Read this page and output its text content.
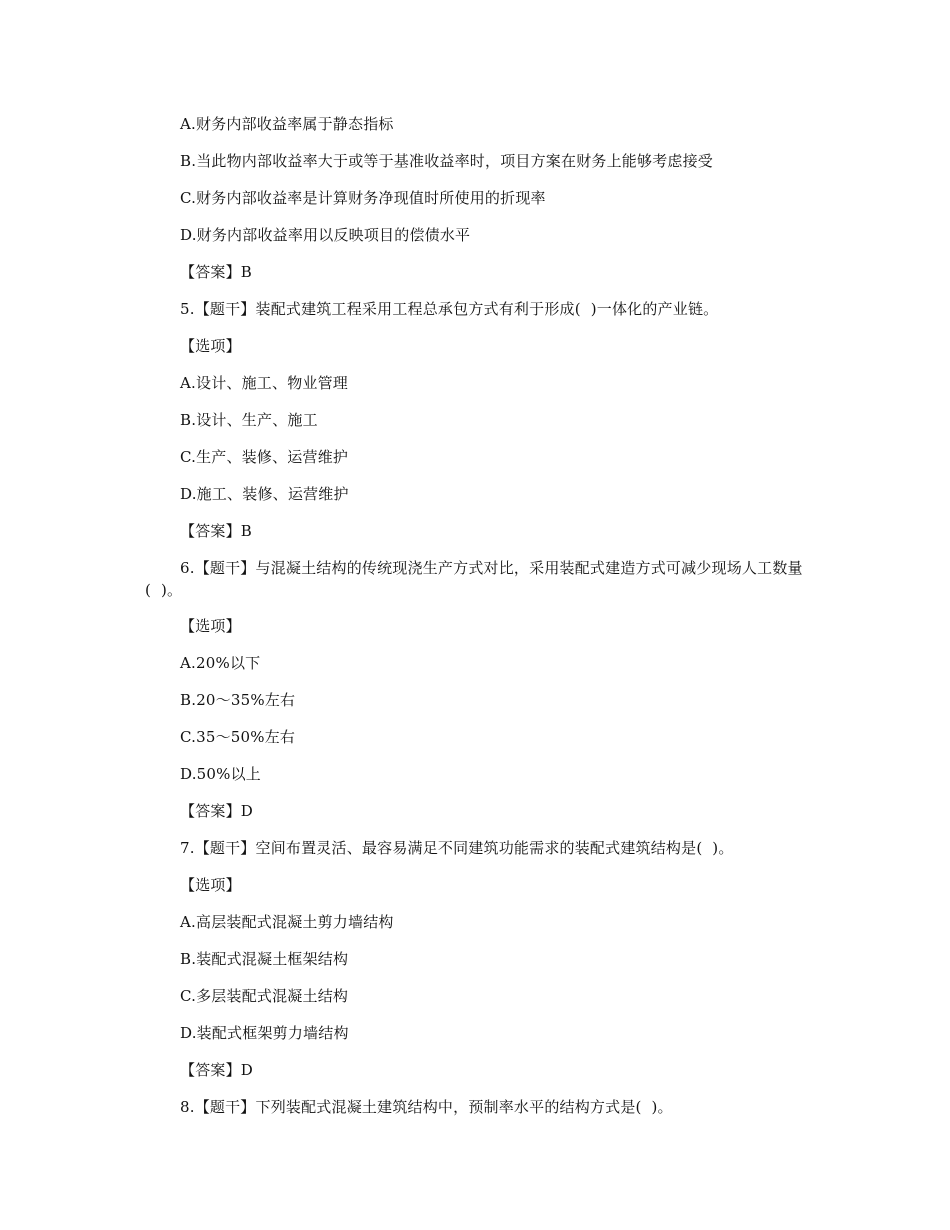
A.财务内部收益率属于静态指标
B.当此物内部收益率大于或等于基准收益率时，项目方案在财务上能够考虑接受
C.财务内部收益率是计算财务净现值时所使用的折现率
D.财务内部收益率用以反映项目的偿债水平
【答案】B
5.【题干】装配式建筑工程采用工程总承包方式有利于形成(  )一体化的产业链。
【选项】
A.设计、施工、物业管理
B.设计、生产、施工
C.生产、装修、运营维护
D.施工、装修、运营维护
【答案】B
6.【题干】与混凝土结构的传统现浇生产方式对比，采用装配式建造方式可减少现场人工数量(  )。
【选项】
A.20%以下
B.20～35%左右
C.35～50%左右
D.50%以上
【答案】D
7.【题干】空间布置灵活、最容易满足不同建筑功能需求的装配式建筑结构是(  )。
【选项】
A.高层装配式混凝土剪力墙结构
B.装配式混凝土框架结构
C.多层装配式混凝土结构
D.装配式框架剪力墙结构
【答案】D
8.【题干】下列装配式混凝土建筑结构中，预制率水平的结构方式是(  )。
